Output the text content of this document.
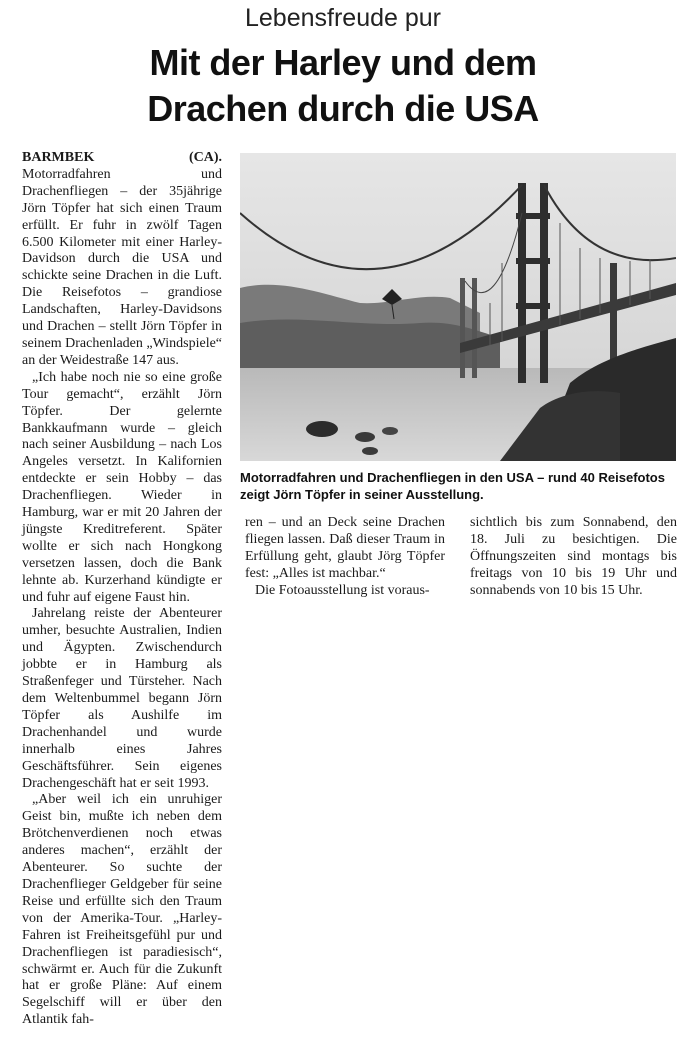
Lebensfreude pur
Mit der Harley und dem
Drachen durch die USA

BARMBEK (CA). Motorradfahren und Drachenfliegen – der 35jährige Jörn Töpfer hat sich einen Traum erfüllt. Er fuhr in zwölf Tagen 6.500 Kilometer mit einer Harley-Davidson durch die USA und schickte seine Drachen in die Luft. Die Reisefotos – grandiose Landschaften, Harley-Davidsons und Drachen – stellt Jörn Töpfer in seinem Drachenladen „Windspiele“ an der Weidestraße 147 aus.

„Ich habe noch nie so eine große Tour gemacht“, erzählt Jörn Töpfer. Der gelernte Bankkaufmann wurde – gleich nach seiner Ausbildung – nach Los Angeles versetzt. In Kalifornien entdeckte er sein Hobby – das Drachenfliegen. Wieder in Hamburg, war er mit 20 Jahren der jüngste Kreditreferent. Später wollte er sich nach Hongkong versetzen lassen, doch die Bank lehnte ab. Kurzerhand kündigte er und fuhr auf eigene Faust hin.

Jahrelang reiste der Abenteurer umher, besuchte Australien, Indien und Ägypten. Zwischendurch jobbte er in Hamburg als Straßenfeger und Türsteher. Nach dem Weltenbummel begann Jörn Töpfer als Aushilfe im Drachenhandel und wurde innerhalb eines Jahres Geschäftsführer. Sein eigenes Drachengeschäft hat er seit 1993.

„Aber weil ich ein unruhiger Geist bin, mußte ich neben dem Brötchenverdienen noch etwas anderes machen“, erzählt der Abenteurer. So suchte der Drachenflieger Geldgeber für seine Reise und erfüllte sich den Traum von der Amerika-Tour. „Harley-Fahren ist Freiheitsgefühl pur und Drachenfliegen ist paradiesisch“, schwärmt er. Auch für die Zukunft hat er große Pläne: Auf einem Segelschiff will er über den Atlantik fah-

Motorradfahren und Drachenfliegen in den USA – rund 40 Reisefotos zeigt Jörn Töpfer in seiner Ausstellung.

ren – und an Deck seine Drachen fliegen lassen. Daß dieser Traum in Erfüllung geht, glaubt Jörg Töpfer fest: „Alles ist machbar.“

Die Fotoausstellung ist voraus-

sichtlich bis zum Sonnabend, den 18. Juli zu besichtigen. Die Öffnungszeiten sind montags bis freitags von 10 bis 19 Uhr und sonnabends von 10 bis 15 Uhr.
